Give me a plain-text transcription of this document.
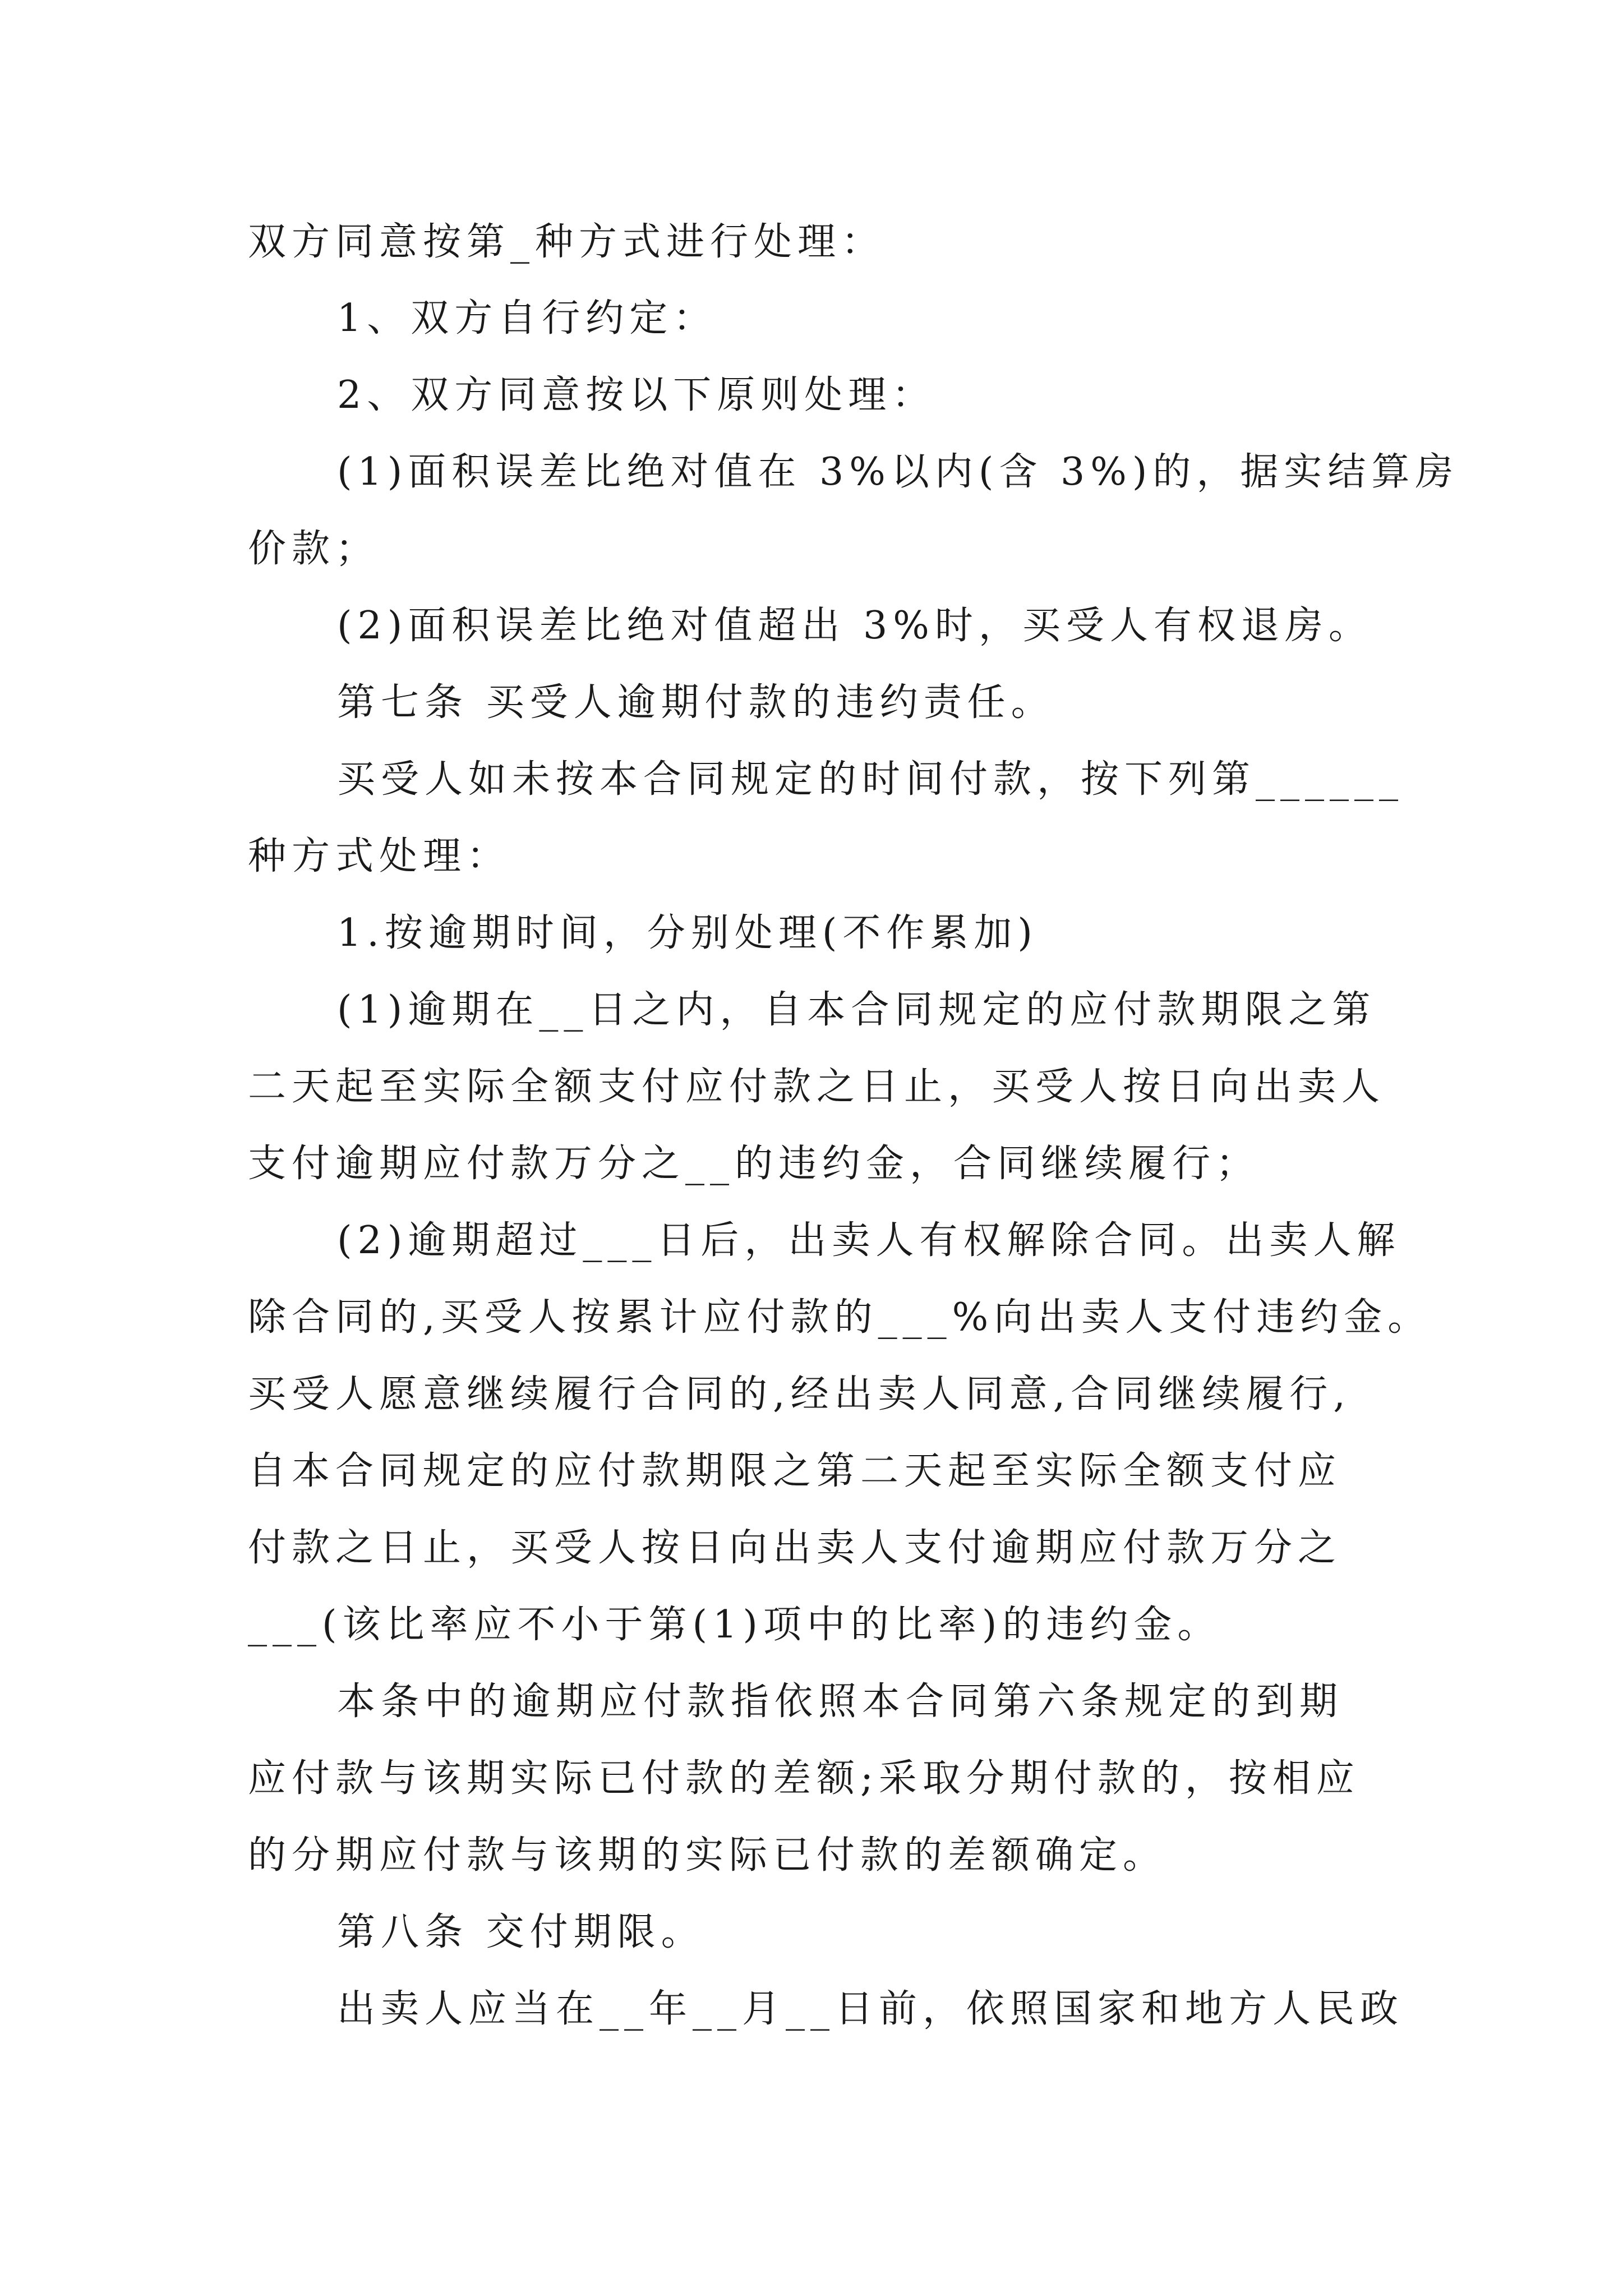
双方同意按第_种方式进行处理：
1、双方自行约定：
2、双方同意按以下原则处理：
(1)面积误差比绝对值在 3%以内(含 3%)的，据实结算房
价款；
(2)面积误差比绝对值超出 3%时，买受人有权退房。
第七条 买受人逾期付款的违约责任。
买受人如未按本合同规定的时间付款，按下列第______
种方式处理：
1.按逾期时间，分别处理(不作累加)
(1)逾期在__日之内，自本合同规定的应付款期限之第
二天起至实际全额支付应付款之日止，买受人按日向出卖人
支付逾期应付款万分之__的违约金，合同继续履行；
(2)逾期超过___日后，出卖人有权解除合同。出卖人解
除合同的,买受人按累计应付款的___%向出卖人支付违约金。
买受人愿意继续履行合同的,经出卖人同意,合同继续履行,
自本合同规定的应付款期限之第二天起至实际全额支付应
付款之日止，买受人按日向出卖人支付逾期应付款万分之
___(该比率应不小于第(1)项中的比率)的违约金。
本条中的逾期应付款指依照本合同第六条规定的到期
应付款与该期实际已付款的差额;采取分期付款的，按相应
的分期应付款与该期的实际已付款的差额确定。
第八条 交付期限。
出卖人应当在__年__月__日前，依照国家和地方人民政
